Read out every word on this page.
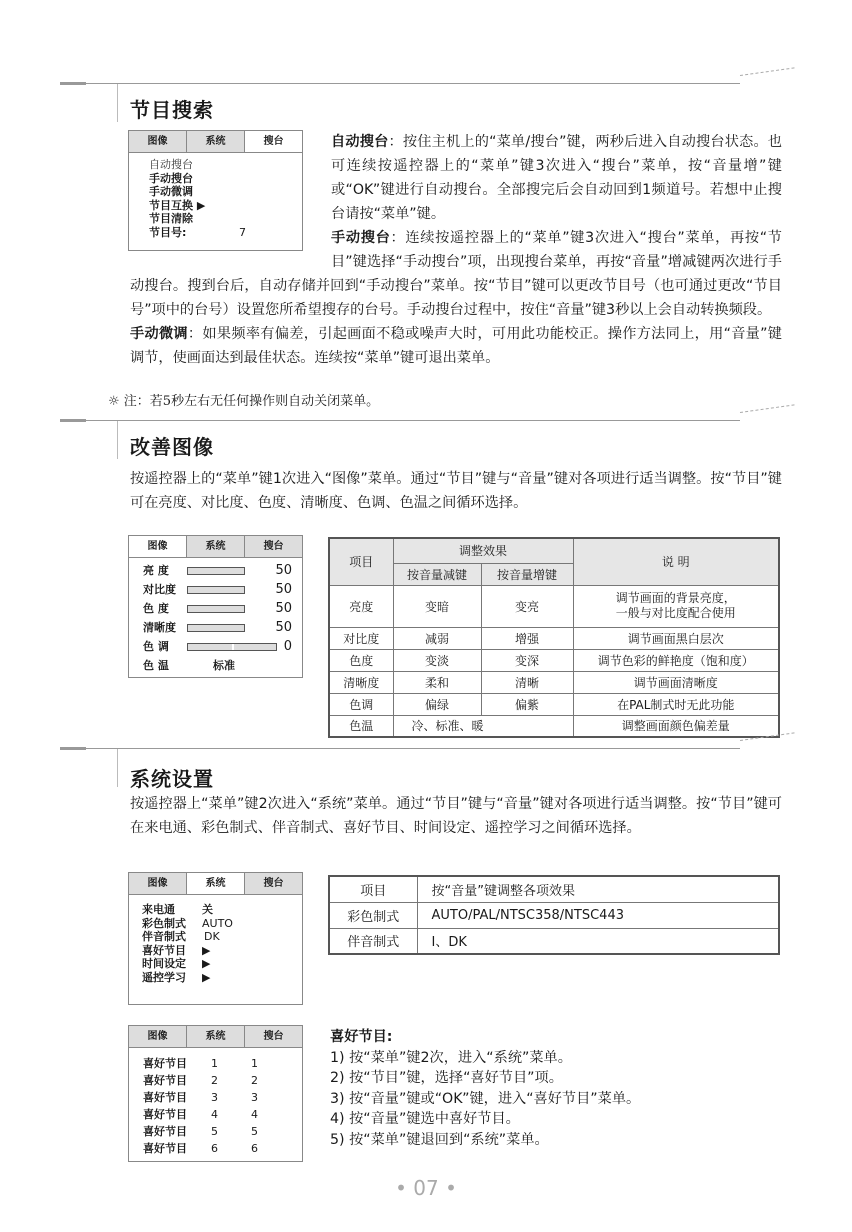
节目搜索
图像	系统	搜台
自动搜台
手动搜台
手动微调
节目互换 ▶
节目清除
节目号:	7
自动搜台：按住主机上的“菜单/搜台”键，两秒后进入自动搜台状态。也可连续按遥控器上的“菜单”键3次进入“搜台”菜单，按“音量增”键或“OK”键进行自动搜台。全部搜完后会自动回到1频道号。若想中止搜台请按“菜单”键。
手动搜台：连续按遥控器上的“菜单”键3次进入“搜台”菜单，再按“节目”键选择“手动搜台”项，出现搜台菜单，再按“音量”增减键两次进行手动搜台。搜到台后，自动存储并回到“手动搜台”菜单。按“节目”键可以更改节目号（也可通过更改“节目号”项中的台号）设置您所希望搜存的台号。手动搜台过程中，按住“音量”键3秒以上会自动转换频段。
手动微调：如果频率有偏差，引起画面不稳或噪声大时，可用此功能校正。操作方法同上，用“音量”键调节，使画面达到最佳状态。连续按“菜单”键可退出菜单。
☼ 注：若5秒左右无任何操作则自动关闭菜单。
改善图像
按遥控器上的“菜单”键1次进入“图像”菜单。通过“节目”键与“音量”键对各项进行适当调整。按“节目”键可在亮度、对比度、色度、清晰度、色调、色温之间循环选择。
图像	系统	搜台
亮 度	50
对比度	50
色 度	50
清晰度	50
色 调	0
色 温	标准
项目	调整效果		说 明
	按音量减键	按音量增键	
亮度	变暗	变亮	调节画面的背景亮度，一般与对比度配合使用
对比度	减弱	增强	调节画面黑白层次
色度	变淡	变深	调节色彩的鲜艳度（饱和度）
清晰度	柔和	清晰	调节画面清晰度
色调	偏绿	偏紫	在PAL制式时无此功能
色温	冷、标准、暖		调整画面颜色偏差量
系统设置
按遥控器上“菜单”键2次进入“系统”菜单。通过“节目”键与“音量”键对各项进行适当调整。按“节目”键可在来电通、彩色制式、伴音制式、喜好节目、时间设定、遥控学习之间循环选择。
图像	系统	搜台
来电通	关
彩色制式	AUTO
伴音制式	DK
喜好节目	▶
时间设定	▶
遥控学习	▶
项目	按“音量”键调整各项效果
彩色制式	AUTO/PAL/NTSC358/NTSC443
伴音制式	I、DK
图像	系统	搜台
喜好节目	1	1
喜好节目	2	2
喜好节目	3	3
喜好节目	4	4
喜好节目	5	5
喜好节目	6	6
喜好节目:
1) 按“菜单”键2次，进入“系统”菜单。
2) 按“节目”键，选择“喜好节目”项。
3) 按“音量”键或“OK”键，进入“喜好节目”菜单。
4) 按“音量”键选中喜好节目。
5) 按“菜单”键退回到“系统”菜单。
• 07 •
